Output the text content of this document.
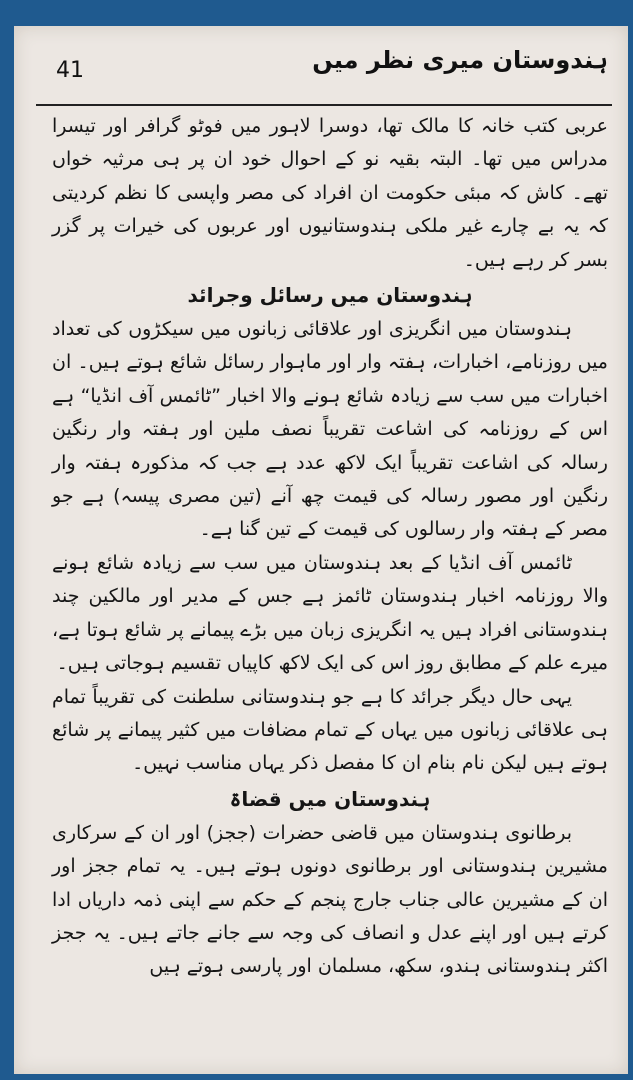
41	ہندوستان میری نظر میں

عربی کتب خانہ کا مالک تھا، دوسرا لاہور میں فوٹو گرافر اور تیسرا مدراس میں تھا۔ البتہ بقیہ نو کے احوال خود ان پر ہی مرثیہ خواں تھے۔ کاش کہ مبئی حکومت ان افراد کی مصر واپسی کا نظم کردیتی کہ یہ بے چارے غیر ملکی ہندوستانیوں اور عربوں کی خیرات پر گزر بسر کر رہے ہیں۔

ہندوستان میں رسائل وجرائد

ہندوستان میں انگریزی اور علاقائی زبانوں میں سیکڑوں کی تعداد میں روزنامے، اخبارات، ہفتہ وار اور ماہوار رسائل شائع ہوتے ہیں۔ ان اخبارات میں سب سے زیادہ شائع ہونے والا اخبار ”ٹائمس آف انڈیا“ ہے اس کے روزنامہ کی اشاعت تقریباً نصف ملین اور ہفتہ وار رنگین رسالہ کی اشاعت تقریباً ایک لاکھ عدد ہے جب کہ مذکورہ ہفتہ وار رنگین اور مصور رسالہ کی قیمت چھ آنے (تین مصری پیسہ) ہے جو مصر کے ہفتہ وار رسالوں کی قیمت کے تین گنا ہے۔

ٹائمس آف انڈیا کے بعد ہندوستان میں سب سے زیادہ شائع ہونے والا روزنامہ اخبار ہندوستان ٹائمز ہے جس کے مدیر اور مالکین چند ہندوستانی افراد ہیں یہ انگریزی زبان میں بڑے پیمانے پر شائع ہوتا ہے، میرے علم کے مطابق روز اس کی ایک لاکھ کاپیاں تقسیم ہوجاتی ہیں۔

یہی حال دیگر جرائد کا ہے جو ہندوستانی سلطنت کی تقریباً تمام ہی علاقائی زبانوں میں یہاں کے تمام مضافات میں کثیر پیمانے پر شائع ہوتے ہیں لیکن نام بنام ان کا مفصل ذکر یہاں مناسب نہیں۔

ہندوستان میں قضاۃ

برطانوی ہندوستان میں قاضی حضرات (ججز) اور ان کے سرکاری مشیرین ہندوستانی اور برطانوی دونوں ہوتے ہیں۔ یہ تمام ججز اور ان کے مشیرین عالی جناب جارج پنجم کے حکم سے اپنی ذمہ داریاں ادا کرتے ہیں اور اپنے عدل و انصاف کی وجہ سے جانے جاتے ہیں۔ یہ ججز اکثر ہندوستانی ہندو، سکھ، مسلمان اور پارسی ہوتے ہیں
